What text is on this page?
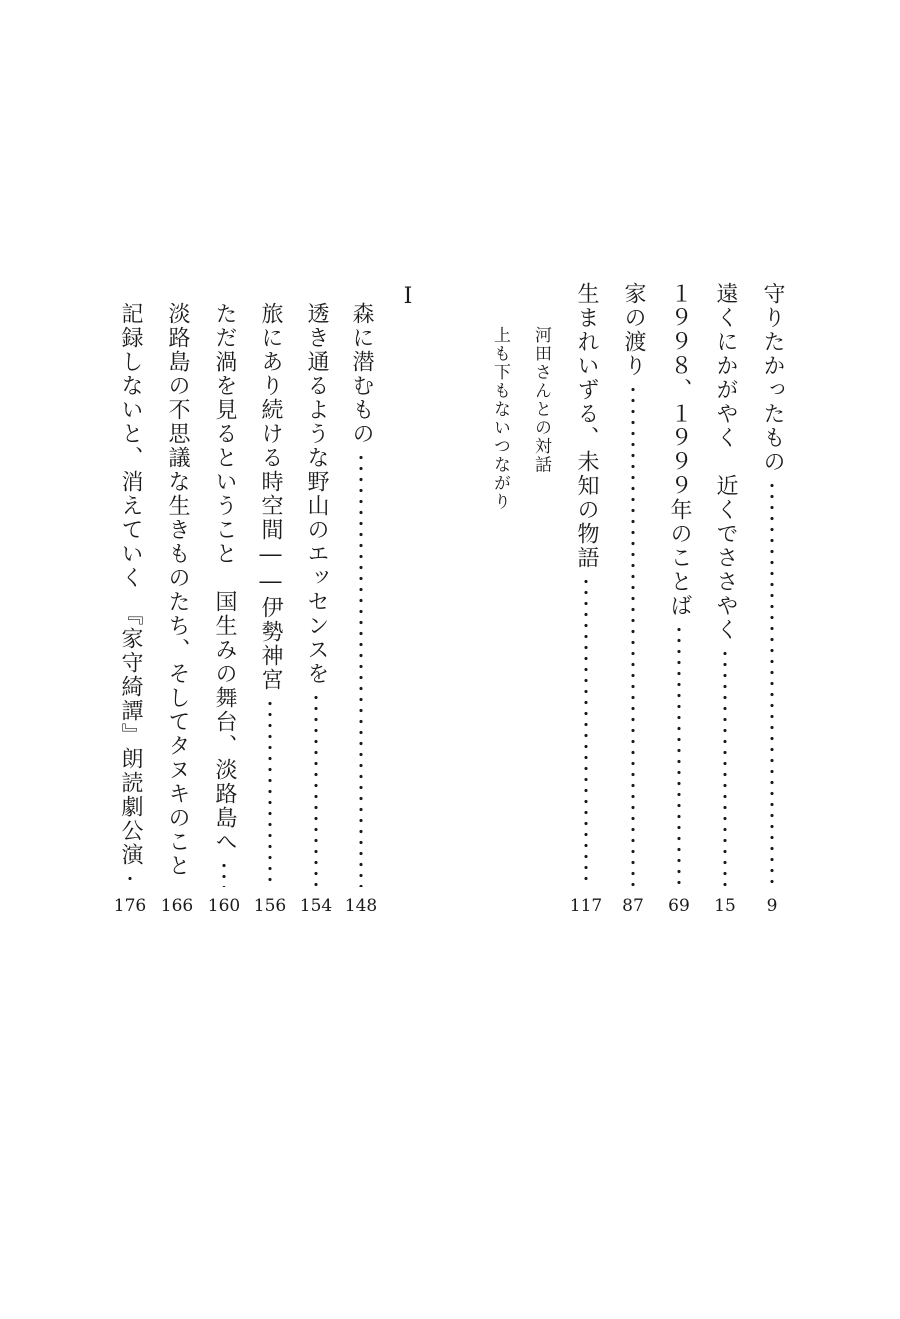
守りたかったもの
9
遠くにかがやく　近くでささやく
15
１９９８、１９９９年のことば
69
家の渡り
87
生まれいずる、未知の物語
117
河田さんとの対話
上も下もないつながり
I
森に潜むもの
148
透き通るような野山のエッセンスを
154
旅にあり続ける時空間――伊勢神宮
156
ただ渦を見るということ　国生みの舞台、淡路島へ
160
淡路島の不思議な生きものたち、そしてタヌキのこと
166
記録しないと、消えていく　『家守綺譚』朗読劇公演
176
